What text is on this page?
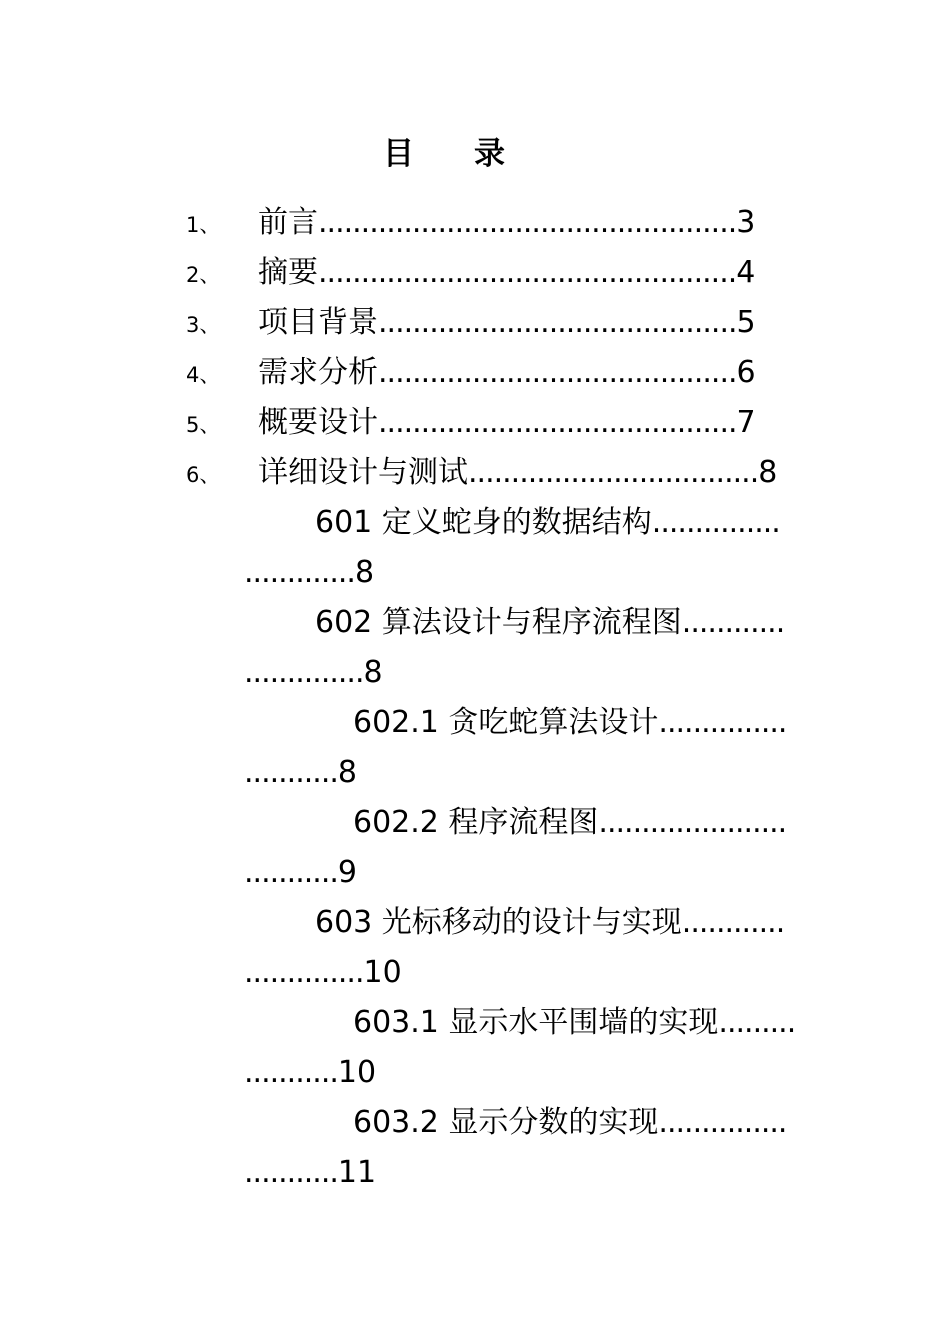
目 录
1、 前言.................................................3
2、 摘要.................................................4
3、 项目背景..........................................5
4、 需求分析..........................................6
5、 概要设计..........................................7
6、 详细设计与测试..................................8
601 定义蛇身的数据结构...............
.............8
602 算法设计与程序流程图............
..............8
602.1 贪吃蛇算法设计...............
...........8
602.2 程序流程图......................
...........9
603 光标移动的设计与实现............
..............10
603.1 显示水平围墙的实现.........
...........10
603.2 显示分数的实现...............
...........11
